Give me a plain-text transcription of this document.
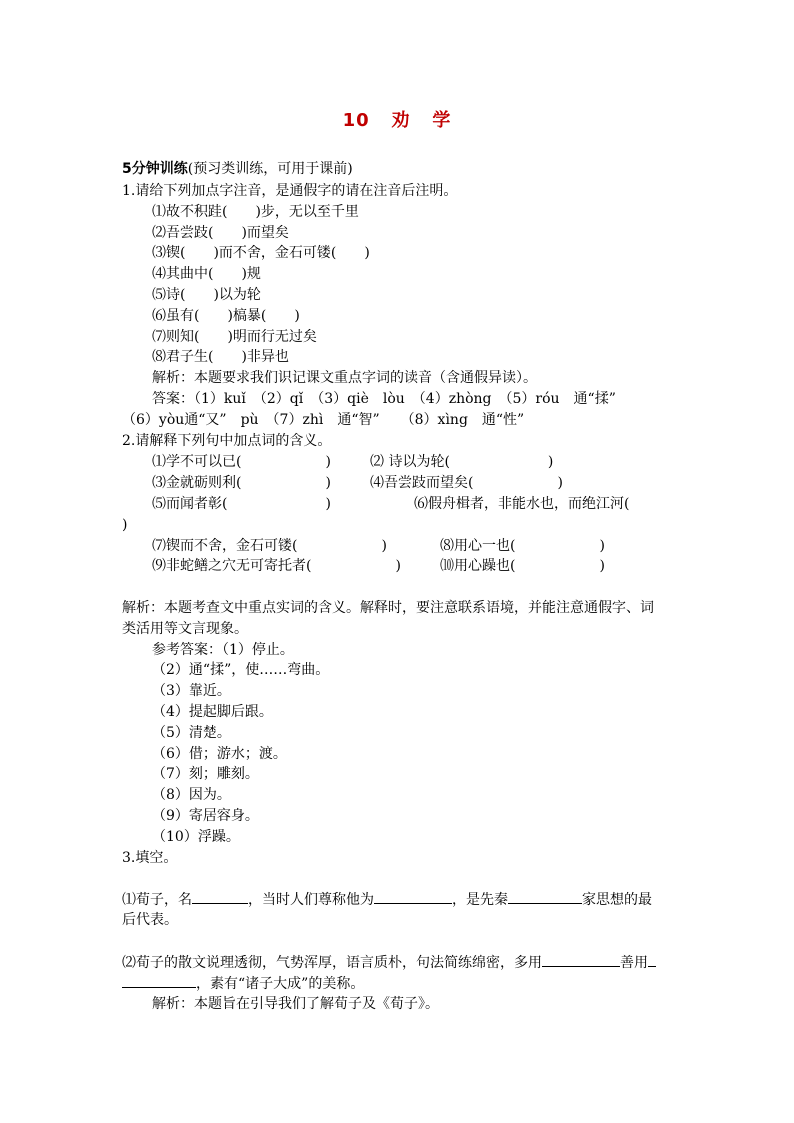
10 劝 学
5分钟训练(预习类训练，可用于课前)
1.请给下列加点字注音，是通假字的请在注音后注明。
⑴故不积跬(　　)步，无以至千里
⑵吾尝跂(　　)而望矣
⑶锲(　　)而不舍，金石可镂(　　)
⑷其曲中(　　)规
⑸诗(　　)以为轮
⑹虽有(　　)槁暴(　　)
⑺则知(　　)明而行无过矣
⑻君子生(　　)非异也
解析：本题要求我们识记课文重点字词的读音（含通假异读）。
答案：（1）kuǐ　（2）qǐ　（3）qiè　lòu　（4）zhòng　（5）róu　通“揉”
（6）yòu通“又”　pù　（7）zhì　通“智”　　（8）xìng　通“性”
2.请解释下列句中加点词的含义。
⑴学不可以已(　　　　　　)	⑵ 诗以为轮(　　　　　　　)
⑶金就砺则利(　　　　　　)	⑷吾尝跂而望矣(　　　　　　)
⑸而闻者彰(　　　　　　　)	⑹假舟楫者，非能水也，而绝江河(
)
⑺锲而不舍，金石可镂(　　　　　　)	⑻用心一也(　　　　　　)
⑼非蛇鳝之穴无可寄托者(　　　　　　)	⑽用心躁也(　　　　　　)
解析：本题考查文中重点实词的含义。解释时，要注意联系语境，并能注意通假字、词
类活用等文言现象。
参考答案：（1）停止。
（2）通“揉”，使……弯曲。
（3）靠近。
（4）提起脚后跟。
（5）清楚。
（6）借；游水；渡。
（7）刻；雕刻。
（8）因为。
（9）寄居容身。
（10）浮躁。
3.填空。
⑴荀子，名	，当时人们尊称他为	，是先秦	家思想的最
后代表。
⑵荀子的散文说理透彻，气势浑厚，语言质朴，句法简练绵密，多用	善用
，素有“诸子大成”的美称。
解析：本题旨在引导我们了解荀子及《荀子》。
